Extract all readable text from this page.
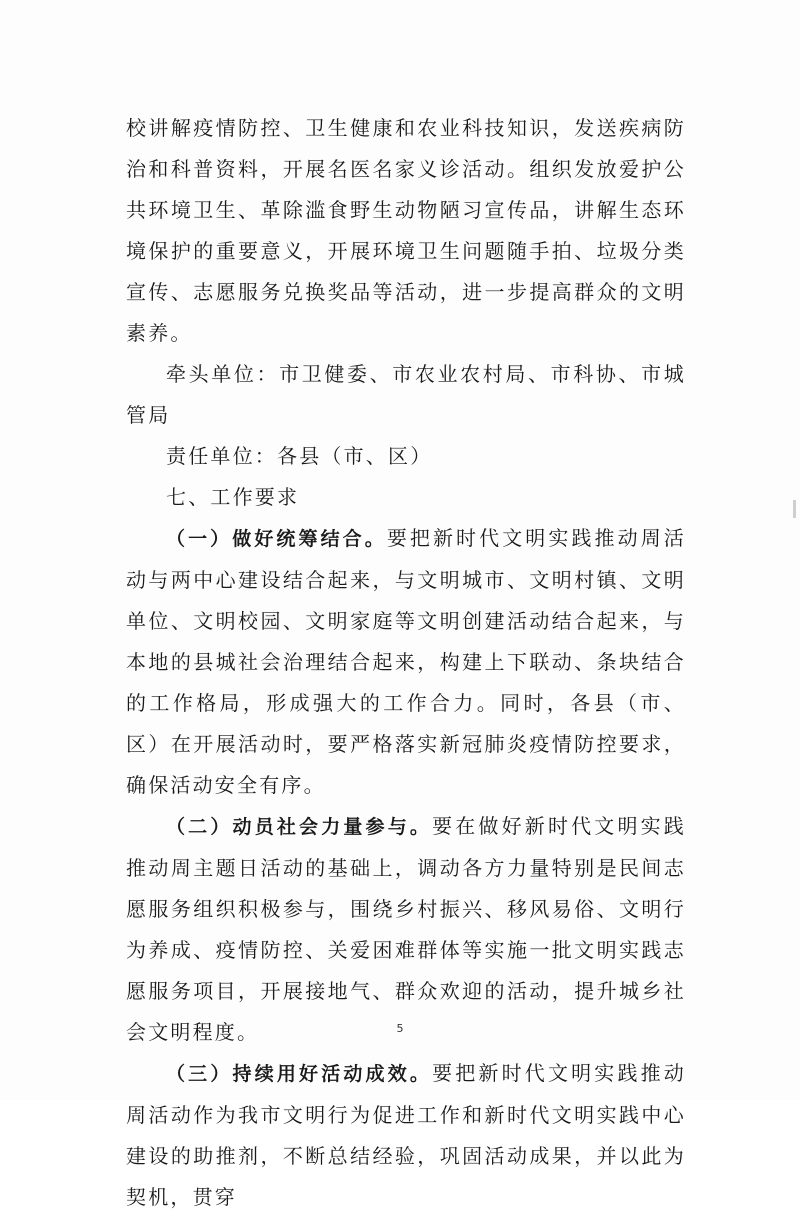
校讲解疫情防控、卫生健康和农业科技知识，发送疾病防治和科普资料，开展名医名家义诊活动。组织发放爱护公共环境卫生、革除滥食野生动物陋习宣传品，讲解生态环境保护的重要意义，开展环境卫生问题随手拍、垃圾分类宣传、志愿服务兑换奖品等活动，进一步提高群众的文明素养。

牵头单位：市卫健委、市农业农村局、市科协、市城管局

责任单位：各县（市、区）

七、工作要求

（一）做好统筹结合。要把新时代文明实践推动周活动与两中心建设结合起来，与文明城市、文明村镇、文明单位、文明校园、文明家庭等文明创建活动结合起来，与本地的县城社会治理结合起来，构建上下联动、条块结合的工作格局，形成强大的工作合力。同时，各县（市、区）在开展活动时，要严格落实新冠肺炎疫情防控要求，确保活动安全有序。

（二）动员社会力量参与。要在做好新时代文明实践推动周主题日活动的基础上，调动各方力量特别是民间志愿服务组织积极参与，围绕乡村振兴、移风易俗、文明行为养成、疫情防控、关爱困难群体等实施一批文明实践志愿服务项目，开展接地气、群众欢迎的活动，提升城乡社会文明程度。

（三）持续用好活动成效。要把新时代文明实践推动周活动作为我市文明行为促进工作和新时代文明实践中心建设的助推剂，不断总结经验，巩固活动成果，并以此为契机，贯穿

5
